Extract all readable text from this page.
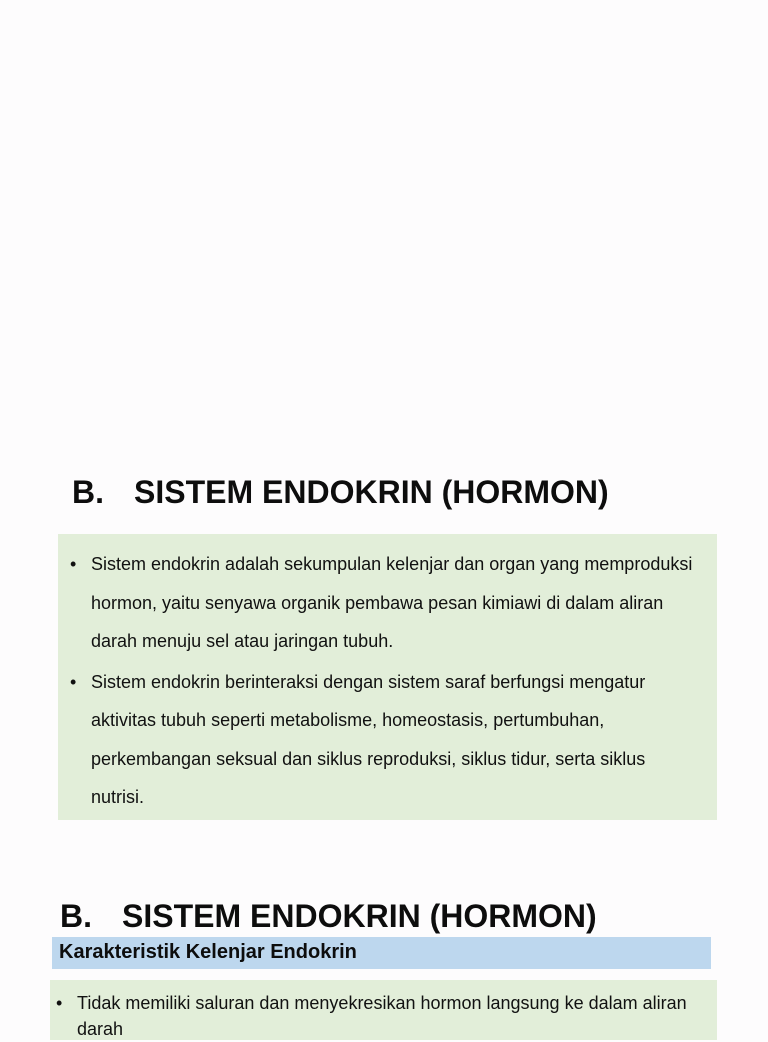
B. SISTEM ENDOKRIN (HORMON)
• Sistem endokrin adalah sekumpulan kelenjar dan organ yang memproduksi hormon, yaitu senyawa organik pembawa pesan kimiawi di dalam aliran darah menuju sel atau jaringan tubuh.
• Sistem endokrin berinteraksi dengan sistem saraf berfungsi mengatur aktivitas tubuh seperti metabolisme, homeostasis, pertumbuhan, perkembangan seksual dan siklus reproduksi, siklus tidur, serta siklus nutrisi.
B. SISTEM ENDOKRIN (HORMON)
Karakteristik Kelenjar Endokrin
• Tidak memiliki saluran dan menyekresikan hormon langsung ke dalam aliran darah
